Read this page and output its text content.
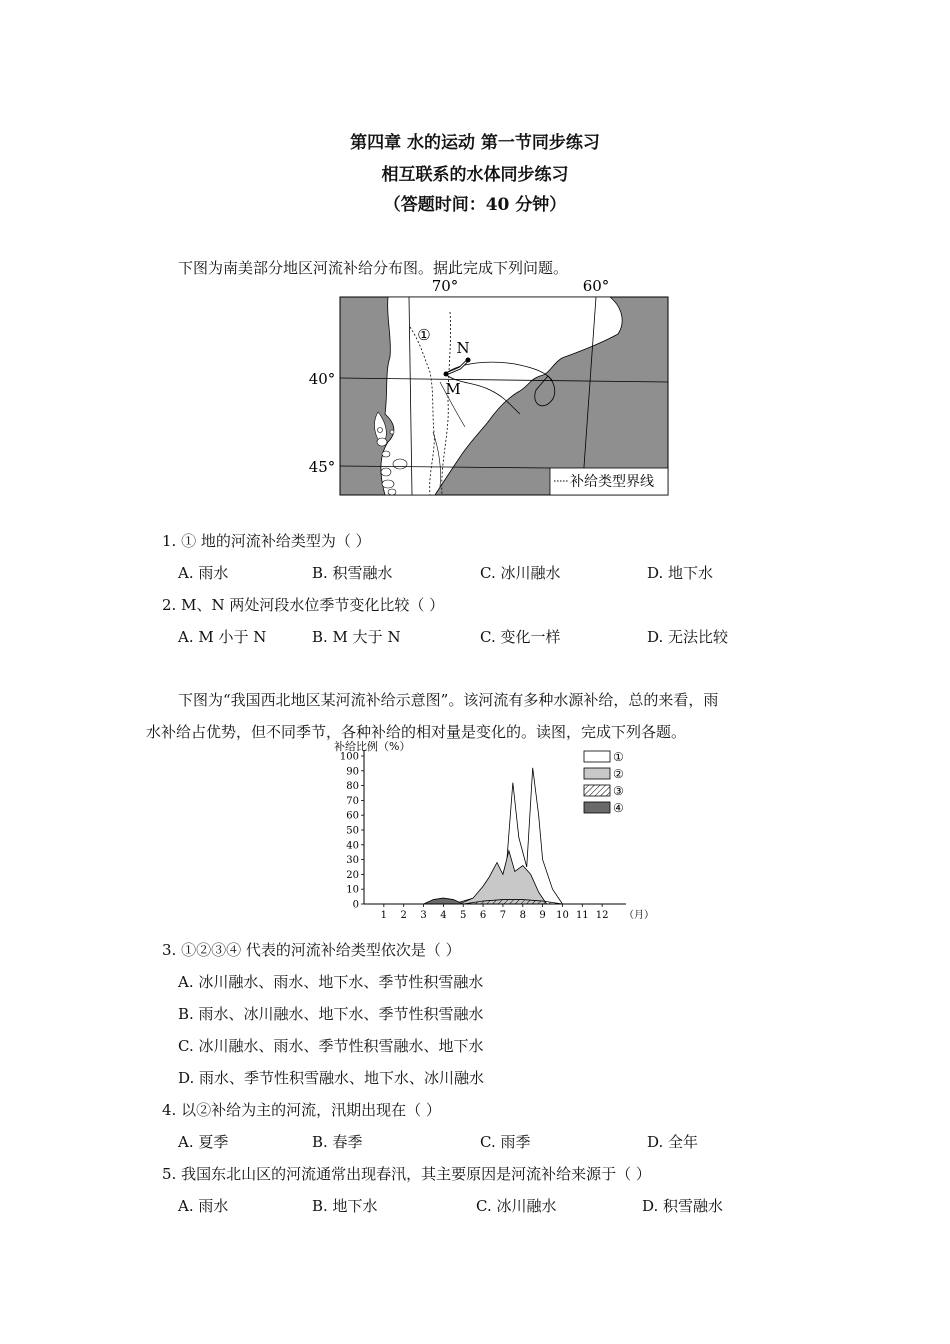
第四章 水的运动 第一节同步练习
相互联系的水体同步练习
（答题时间：40 分钟）
下图为南美部分地区河流补给分布图。据此完成下列问题。
①
N
M
70°	60°
40°
45°
补给类型界线
1. ① 地的河流补给类型为（ ）
A. 雨水	B. 积雪融水	C. 冰川融水	D. 地下水
2. M、N 两处河段水位季节变化比较（ ）
A. M 小于 N	B. M 大于 N	C. 变化一样	D. 无法比较
下图为“我国西北地区某河流补给示意图”。该河流有多种水源补给，总的来看，雨
水补给占优势，但不同季节，各种补给的相对量是变化的。读图，完成下列各题。
补给比例（%）
0
10
20
30
40
50
60
70
80
90
100
1 2 3 4 5 6 7 8 9 10 11 12 （月）
①
②
③
④
3. ①②③④ 代表的河流补给类型依次是（ ）
A. 冰川融水、雨水、地下水、季节性积雪融水
B. 雨水、冰川融水、地下水、季节性积雪融水
C. 冰川融水、雨水、季节性积雪融水、地下水
D. 雨水、季节性积雪融水、地下水、冰川融水
4. 以②补给为主的河流，汛期出现在（ ）
A. 夏季	B. 春季	C. 雨季	D. 全年
5. 我国东北山区的河流通常出现春汛，其主要原因是河流补给来源于（ ）
A. 雨水	B. 地下水	C. 冰川融水	D. 积雪融水
